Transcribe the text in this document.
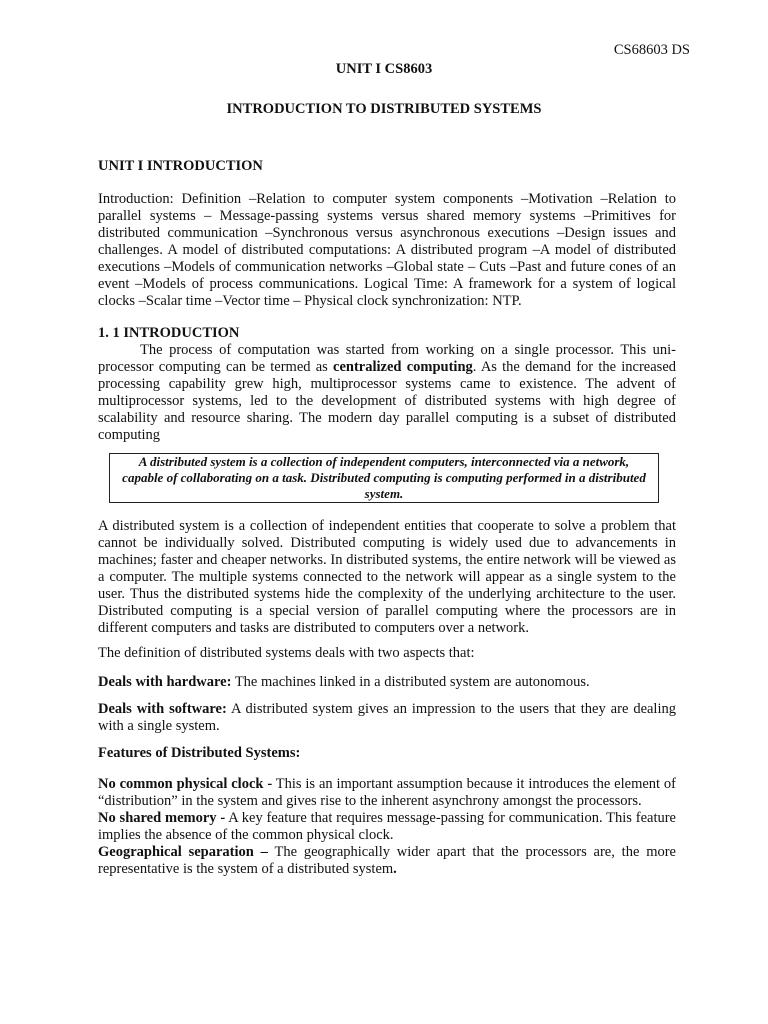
CS68603 DS
UNIT I CS8603
INTRODUCTION TO DISTRIBUTED SYSTEMS
UNIT I INTRODUCTION

Introduction: Definition –Relation to computer system components –Motivation –Relation to parallel systems – Message-passing systems versus shared memory systems –Primitives for distributed communication –Synchronous versus asynchronous executions –Design issues and challenges. A model of distributed computations: A distributed program –A model of distributed executions –Models of communication networks –Global state – Cuts –Past and future cones of an event –Models of process communications. Logical Time: A framework for a system of logical clocks –Scalar time –Vector time – Physical clock synchronization: NTP.

1. 1 INTRODUCTION

The process of computation was started from working on a single processor. This uni-processor computing can be termed as centralized computing. As the demand for the increased processing capability grew high, multiprocessor systems came to existence. The advent of multiprocessor systems, led to the development of distributed systems with high degree of scalability and resource sharing. The modern day parallel computing is a subset of distributed computing

A distributed system is a collection of independent computers, interconnected via a network, capable of collaborating on a task. Distributed computing is computing performed in a distributed system.

A distributed system is a collection of independent entities that cooperate to solve a problem that cannot be individually solved. Distributed computing is widely used due to advancements in machines; faster and cheaper networks. In distributed systems, the entire network will be viewed as a computer. The multiple systems connected to the network will appear as a single system to the user. Thus the distributed systems hide the complexity of the underlying architecture to the user. Distributed computing is a special version of parallel computing where the processors are in different computers and tasks are distributed to computers over a network.

The definition of distributed systems deals with two aspects that:

Deals with hardware: The machines linked in a distributed system are autonomous.

Deals with software: A distributed system gives an impression to the users that they are dealing with a single system.

Features of Distributed Systems:

No common physical clock - This is an important assumption because it introduces the element of “distribution” in the system and gives rise to the inherent asynchrony amongst the processors.

No shared memory - A key feature that requires message-passing for communication. This feature implies the absence of the common physical clock.

Geographical separation – The geographically wider apart that the processors are, the more representative is the system of a distributed system.
